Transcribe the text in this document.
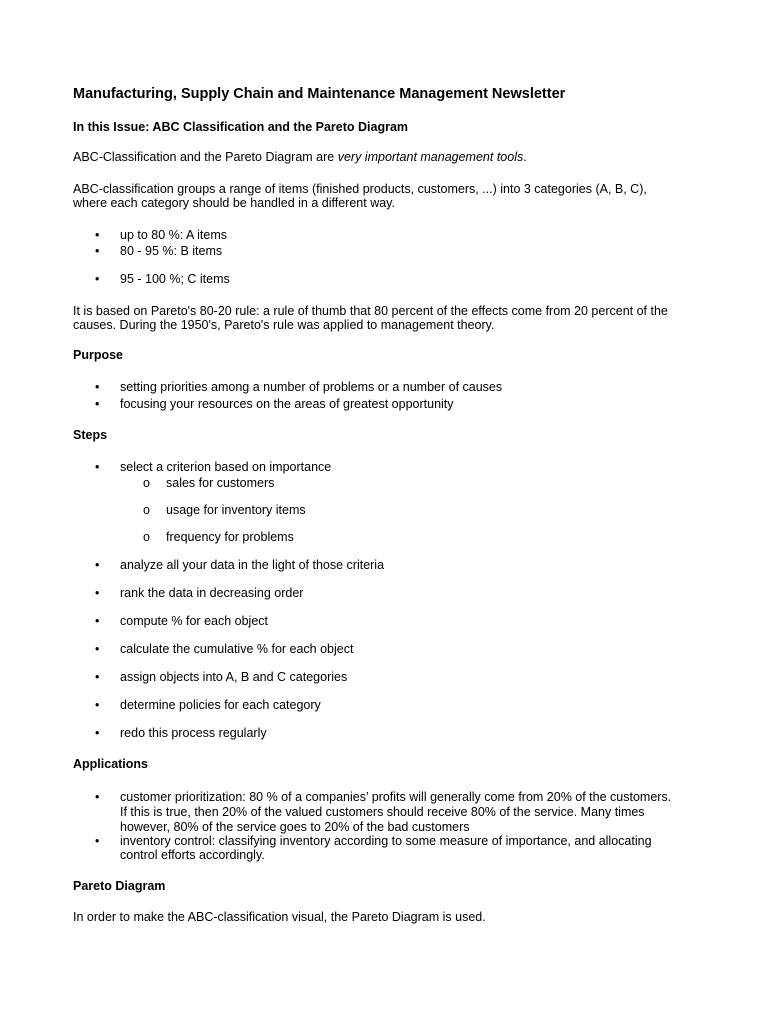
Manufacturing, Supply Chain and Maintenance Management Newsletter

In this Issue: ABC Classification and the Pareto Diagram

ABC-Classification and the Pareto Diagram are very important management tools.

ABC-classification groups a range of items (finished products, customers, ...) into 3 categories (A, B, C),

where each category should be handled in a different way.

• up to 80 %: A items
• 80 - 95 %: B items
• 95 - 100 %; C items

It is based on Pareto's 80-20 rule: a rule of thumb that 80 percent of the effects come from 20 percent of the

causes. During the 1950's, Pareto's rule was applied to management theory.

Purpose

• setting priorities among a number of problems or a number of causes
• focusing your resources on the areas of greatest opportunity

Steps

• select a criterion based on importance
o sales for customers
o usage for inventory items
o frequency for problems
• analyze all your data in the light of those criteria
• rank the data in decreasing order
• compute % for each object
• calculate the cumulative % for each object
• assign objects into A, B and C categories
• determine policies for each category
• redo this process regularly

Applications

• customer prioritization: 80 % of a companies’ profits will generally come from 20% of the customers.
If this is true, then 20% of the valued customers should receive 80% of the service. Many times
however, 80% of the service goes to 20% of the bad customers
• inventory control: classifying inventory according to some measure of importance, and allocating
control efforts accordingly.

Pareto Diagram

In order to make the ABC-classification visual, the Pareto Diagram is used.
